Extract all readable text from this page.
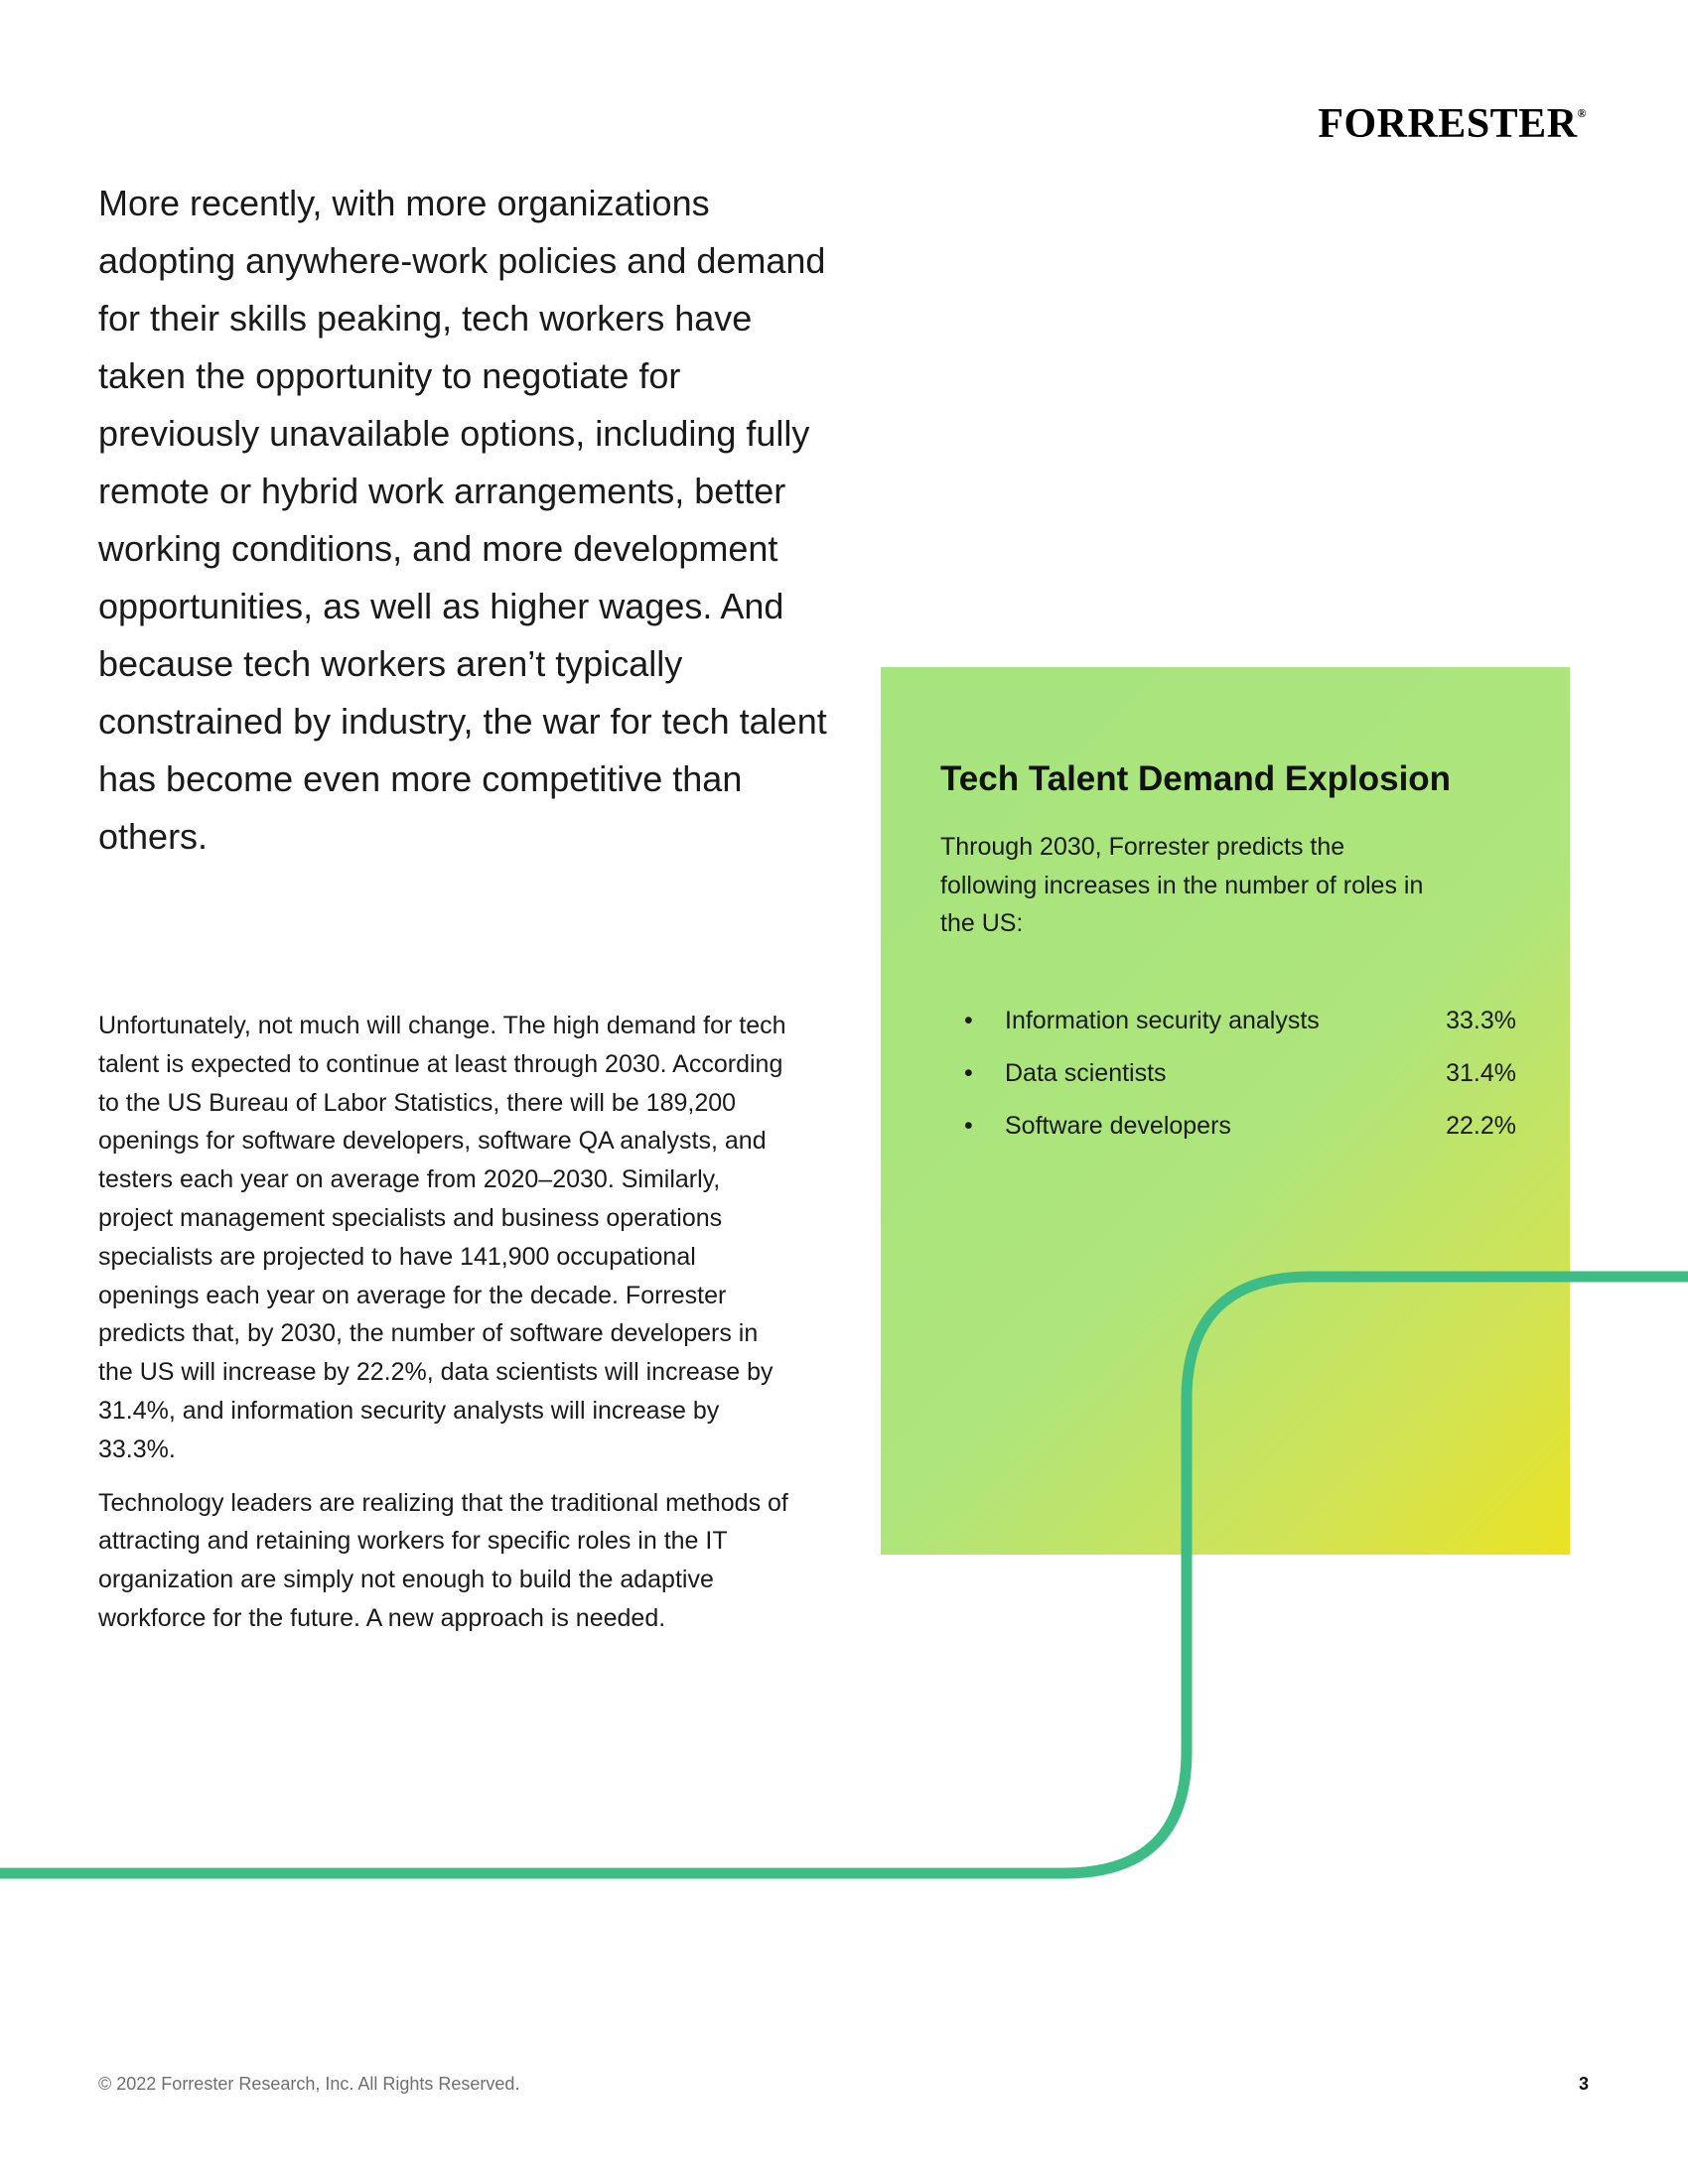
FORRESTER®

More recently, with more organizations adopting anywhere-work policies and demand for their skills peaking, tech workers have taken the opportunity to negotiate for previously unavailable options, including fully remote or hybrid work arrangements, better working conditions, and more development opportunities, as well as higher wages. And because tech workers aren’t typically constrained by industry, the war for tech talent has become even more competitive than others.

Unfortunately, not much will change. The high demand for tech talent is expected to continue at least through 2030. According to the US Bureau of Labor Statistics, there will be 189,200 openings for software developers, software QA analysts, and testers each year on average from 2020–2030. Similarly, project management specialists and business operations specialists are projected to have 141,900 occupational openings each year on average for the decade. Forrester predicts that, by 2030, the number of software developers in the US will increase by 22.2%, data scientists will increase by 31.4%, and information security analysts will increase by 33.3%.

Technology leaders are realizing that the traditional methods of attracting and retaining workers for specific roles in the IT organization are simply not enough to build the adaptive workforce for the future. A new approach is needed.

Tech Talent Demand Explosion

Through 2030, Forrester predicts the following increases in the number of roles in the US:

• Information security analysts	33.3%
• Data scientists	31.4%
• Software developers	22.2%
© 2022 Forrester Research, Inc. All Rights Reserved.	3
